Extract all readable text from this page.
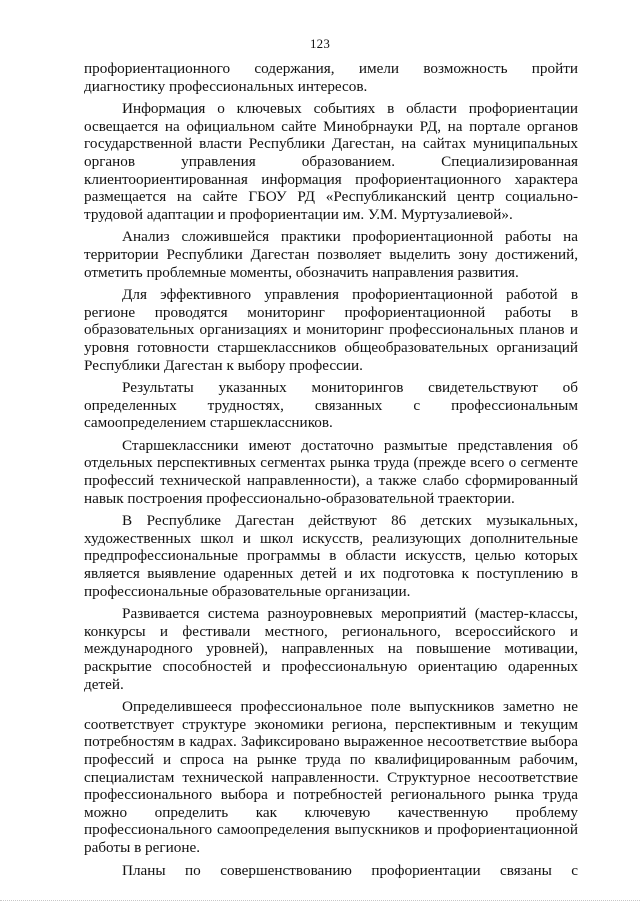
123

профориентационного содержания, имели возможность пройти диагностику профессиональных интересов.

Информация о ключевых событиях в области профориентации освещается на официальном сайте Минобрнауки РД, на портале органов государственной власти Республики Дагестан, на сайтах муниципальных органов управления образованием. Специализированная клиентоориентированная информация профориентационного характера размещается на сайте ГБОУ РД «Республиканский центр социально-трудовой адаптации и профориентации им. У.М. Муртузалиевой».

Анализ сложившейся практики профориентационной работы на территории Республики Дагестан позволяет выделить зону достижений, отметить проблемные моменты, обозначить направления развития.

Для эффективного управления профориентационной работой в регионе проводятся мониторинг профориентационной работы в образовательных организациях и мониторинг профессиональных планов и уровня готовности старшеклассников общеобразовательных организаций Республики Дагестан к выбору профессии.

Результаты указанных мониторингов свидетельствуют об определенных трудностях, связанных с профессиональным самоопределением старшеклассников.

Старшеклассники имеют достаточно размытые представления об отдельных перспективных сегментах рынка труда (прежде всего о сегменте профессий технической направленности), а также слабо сформированный навык построения профессионально-образовательной траектории.

В Республике Дагестан действуют 86 детских музыкальных, художественных школ и школ искусств, реализующих дополнительные предпрофессиональные программы в области искусств, целью которых является выявление одаренных детей и их подготовка к поступлению в профессиональные образовательные организации.

Развивается система разноуровневых мероприятий (мастер-классы, конкурсы и фестивали местного, регионального, всероссийского и международного уровней), направленных на повышение мотивации, раскрытие способностей и профессиональную ориентацию одаренных детей.

Определившееся профессиональное поле выпускников заметно не соответствует структуре экономики региона, перспективным и текущим потребностям в кадрах. Зафиксировано выраженное несоответствие выбора профессий и спроса на рынке труда по квалифицированным рабочим, специалистам технической направленности. Структурное несоответствие профессионального выбора и потребностей регионального рынка труда можно определить как ключевую качественную проблему профессионального самоопределения выпускников и профориентационной работы в регионе.

Планы по совершенствованию профориентации связаны с
